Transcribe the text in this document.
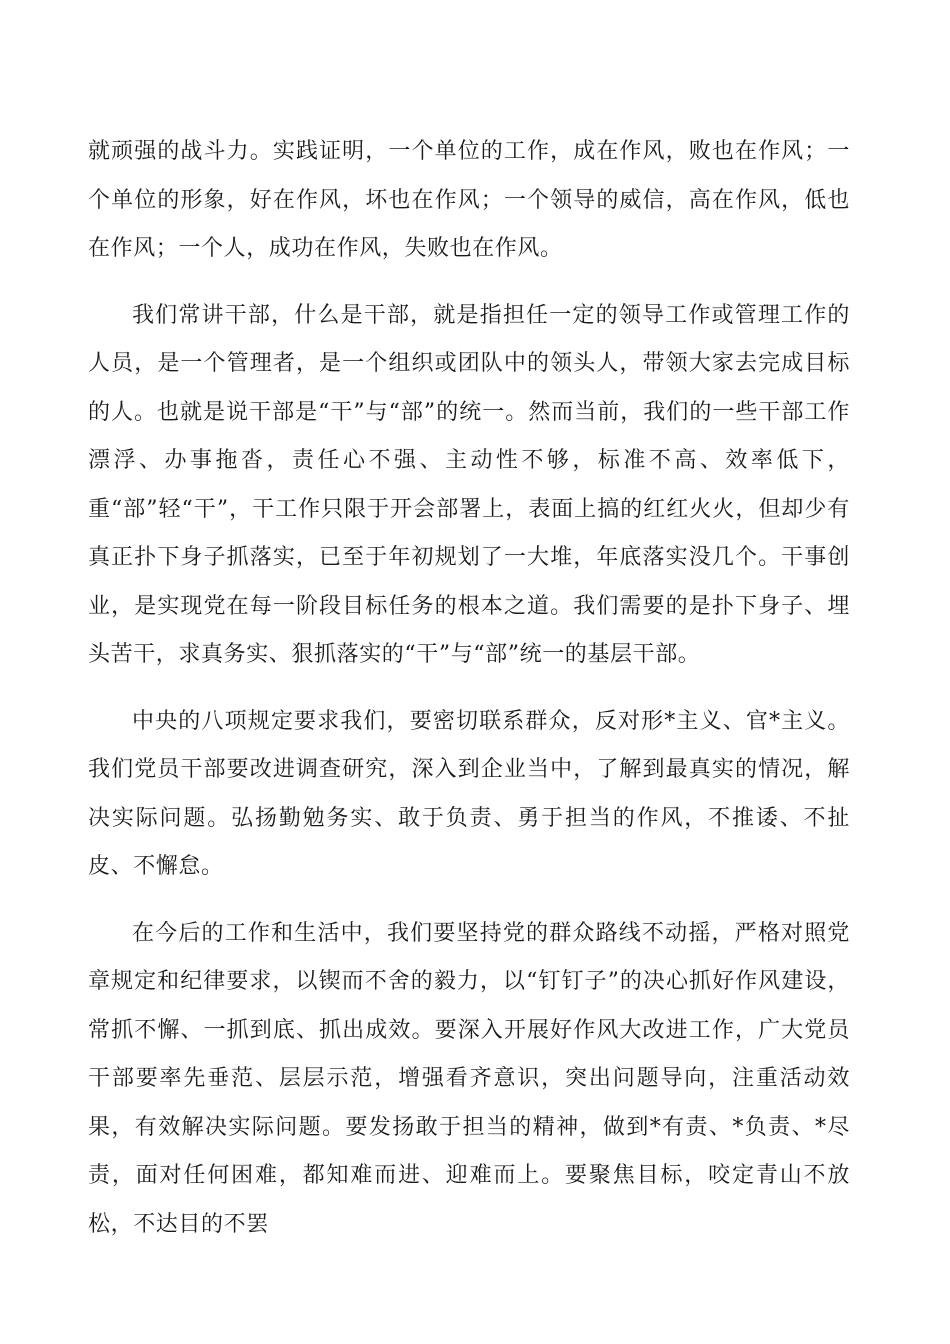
就顽强的战斗力。实践证明，一个单位的工作，成在作风，败也在作风；一个单位的形象，好在作风，坏也在作风；一个领导的威信，高在作风，低也在作风；一个人，成功在作风，失败也在作风。

我们常讲干部，什么是干部，就是指担任一定的领导工作或管理工作的人员，是一个管理者，是一个组织或团队中的领头人，带领大家去完成目标的人。也就是说干部是“干”与“部”的统一。然而当前，我们的一些干部工作漂浮、办事拖沓，责任心不强、主动性不够，标准不高、效率低下，重“部”轻“干”，干工作只限于开会部署上，表面上搞的红红火火，但却少有真正扑下身子抓落实，已至于年初规划了一大堆，年底落实没几个。干事创业，是实现党在每一阶段目标任务的根本之道。我们需要的是扑下身子、埋头苦干，求真务实、狠抓落实的“干”与“部”统一的基层干部。

中央的八项规定要求我们，要密切联系群众，反对形*主义、官*主义。我们党员干部要改进调查研究，深入到企业当中，了解到最真实的情况，解决实际问题。弘扬勤勉务实、敢于负责、勇于担当的作风，不推诿、不扯皮、不懈怠。

在今后的工作和生活中，我们要坚持党的群众路线不动摇，严格对照党章规定和纪律要求，以锲而不舍的毅力，以“钉钉子”的决心抓好作风建设，常抓不懈、一抓到底、抓出成效。要深入开展好作风大改进工作，广大党员干部要率先垂范、层层示范，增强看齐意识，突出问题导向，注重活动效果，有效解决实际问题。要发扬敢于担当的精神，做到*有责、*负责、*尽责，面对任何困难，都知难而进、迎难而上。要聚焦目标，咬定青山不放松，不达目的不罢
